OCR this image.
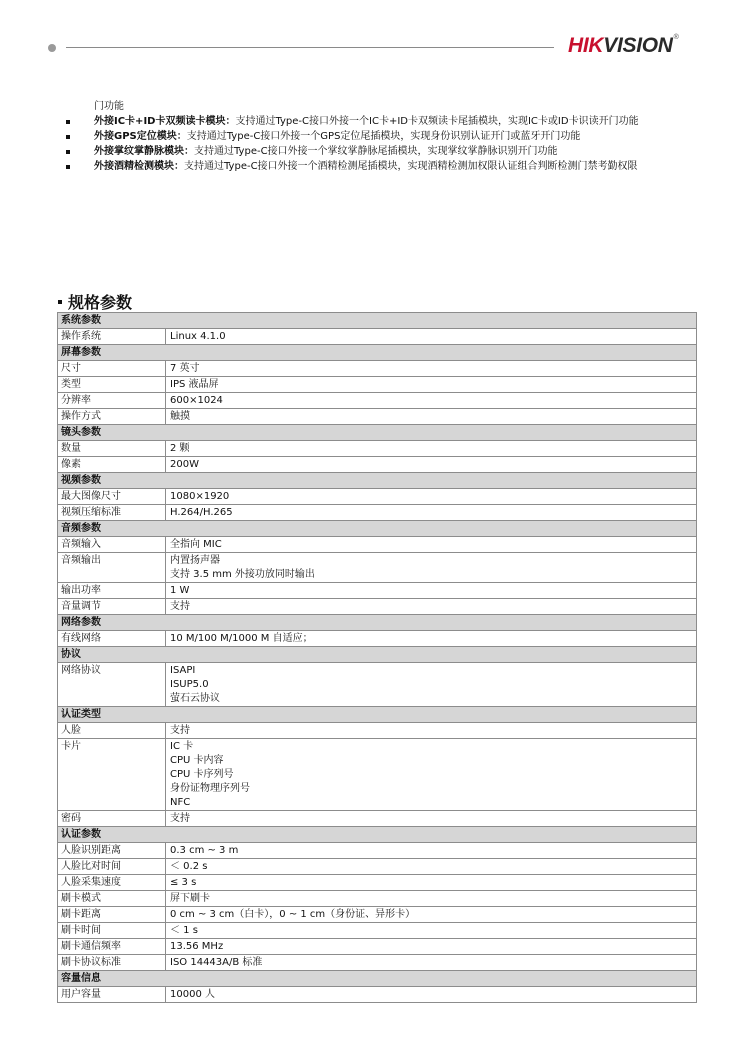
HIKVISION®
门功能
外接IC卡+ID卡双频读卡模块：支持通过Type-C接口外接一个IC卡+ID卡双频读卡尾插模块，实现IC卡或ID卡识读开门功能
外接GPS定位模块：支持通过Type-C接口外接一个GPS定位尾插模块，实现身份识别认证开门或蓝牙开门功能
外接掌纹掌静脉模块：支持通过Type-C接口外接一个掌纹掌静脉尾插模块，实现掌纹掌静脉识别开门功能
外接酒精检测模块：支持通过Type-C接口外接一个酒精检测尾插模块，实现酒精检测加权限认证组合判断检测门禁考勤权限
规格参数
系统参数	
操作系统	Linux 4.1.0

屏幕参数	
尺寸	7 英寸

类型	IPS 液晶屏

分辨率	600×1024

操作方式	触摸

镜头参数	
数量	2 颗

像素	200W

视频参数	
最大图像尺寸	1080×1920

视频压缩标准	H.264/H.265

音频参数	
音频输入	全指向 MIC

音频输出	内置扬声器
支持 3.5 mm 外接功放同时输出

输出功率	1 W

音量调节	支持

网络参数	
有线网络	10 M/100 M/1000 M 自适应；

协议	
网络协议	ISAPI
ISUP5.0
萤石云协议

认证类型	
人脸	支持

卡片	IC 卡
CPU 卡内容
CPU 卡序列号
身份证物理序列号
NFC

密码	支持

认证参数	
人脸识别距离	0.3 cm ~ 3 m

人脸比对时间	＜ 0.2 s

人脸采集速度	≤ 3 s

刷卡模式	屏下刷卡

刷卡距离	0 cm ~ 3 cm（白卡），0 ~ 1 cm（身份证、异形卡）

刷卡时间	＜ 1 s

刷卡通信频率	13.56 MHz

刷卡协议标准	ISO 14443A/B 标准

容量信息	
用户容量	10000 人
